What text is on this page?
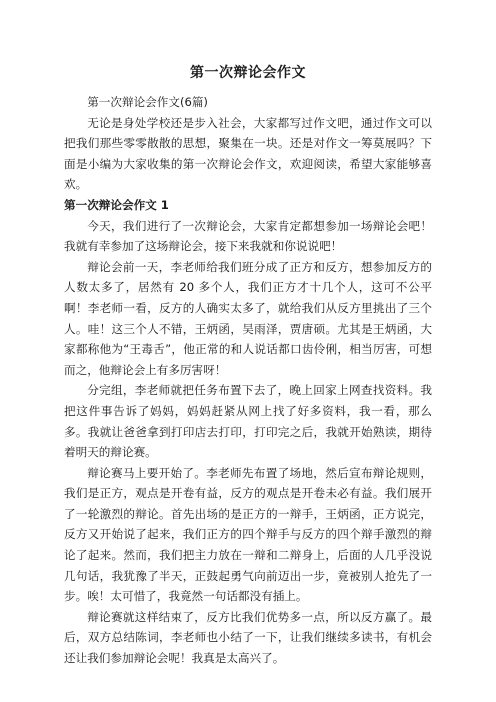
第一次辩论会作文

第一次辩论会作文(6篇)

无论是身处学校还是步入社会，大家都写过作文吧，通过作文可以把我们那些零零散散的思想，聚集在一块。还是对作文一筹莫展吗？下面是小编为大家收集的第一次辩论会作文，欢迎阅读，希望大家能够喜欢。

第一次辩论会作文 1

今天，我们进行了一次辩论会，大家肯定都想参加一场辩论会吧！我就有幸参加了这场辩论会，接下来我就和你说说吧！

辩论会前一天，李老师给我们班分成了正方和反方，想参加反方的人数太多了，居然有 20 多个人，我们正方才十几个人，这可不公平啊！李老师一看，反方的人确实太多了，就给我们从反方里挑出了三个人。哇！这三个人不错，王炳函，吴雨泽，贾唐硕。尤其是王炳函，大家都称他为“王毒舌”，他正常的和人说话都口齿伶俐，相当厉害，可想而之，他辩论会上有多厉害呀！

分完组，李老师就把任务布置下去了，晚上回家上网查找资料。我把这件事告诉了妈妈，妈妈赶紧从网上找了好多资料，我一看，那么多。我就让爸爸拿到打印店去打印，打印完之后，我就开始熟读，期待着明天的辩论赛。

辩论赛马上要开始了。李老师先布置了场地，然后宣布辩论规则，我们是正方，观点是开卷有益，反方的观点是开卷未必有益。我们展开了一轮激烈的辩论。首先出场的是正方的一辩手，王炳函，正方说完，反方又开始说了起来，我们正方的四个辩手与反方的四个辩手激烈的辩论了起来。然而，我们把主力放在一辩和二辩身上，后面的人几乎没说几句话，我犹豫了半天，正鼓起勇气向前迈出一步，竟被别人抢先了一步。唉！太可惜了，我竟然一句话都没有插上。

辩论赛就这样结束了，反方比我们优势多一点，所以反方赢了。最后，双方总结陈词，李老师也小结了一下，让我们继续多读书，有机会还让我们参加辩论会呢！我真是太高兴了。
